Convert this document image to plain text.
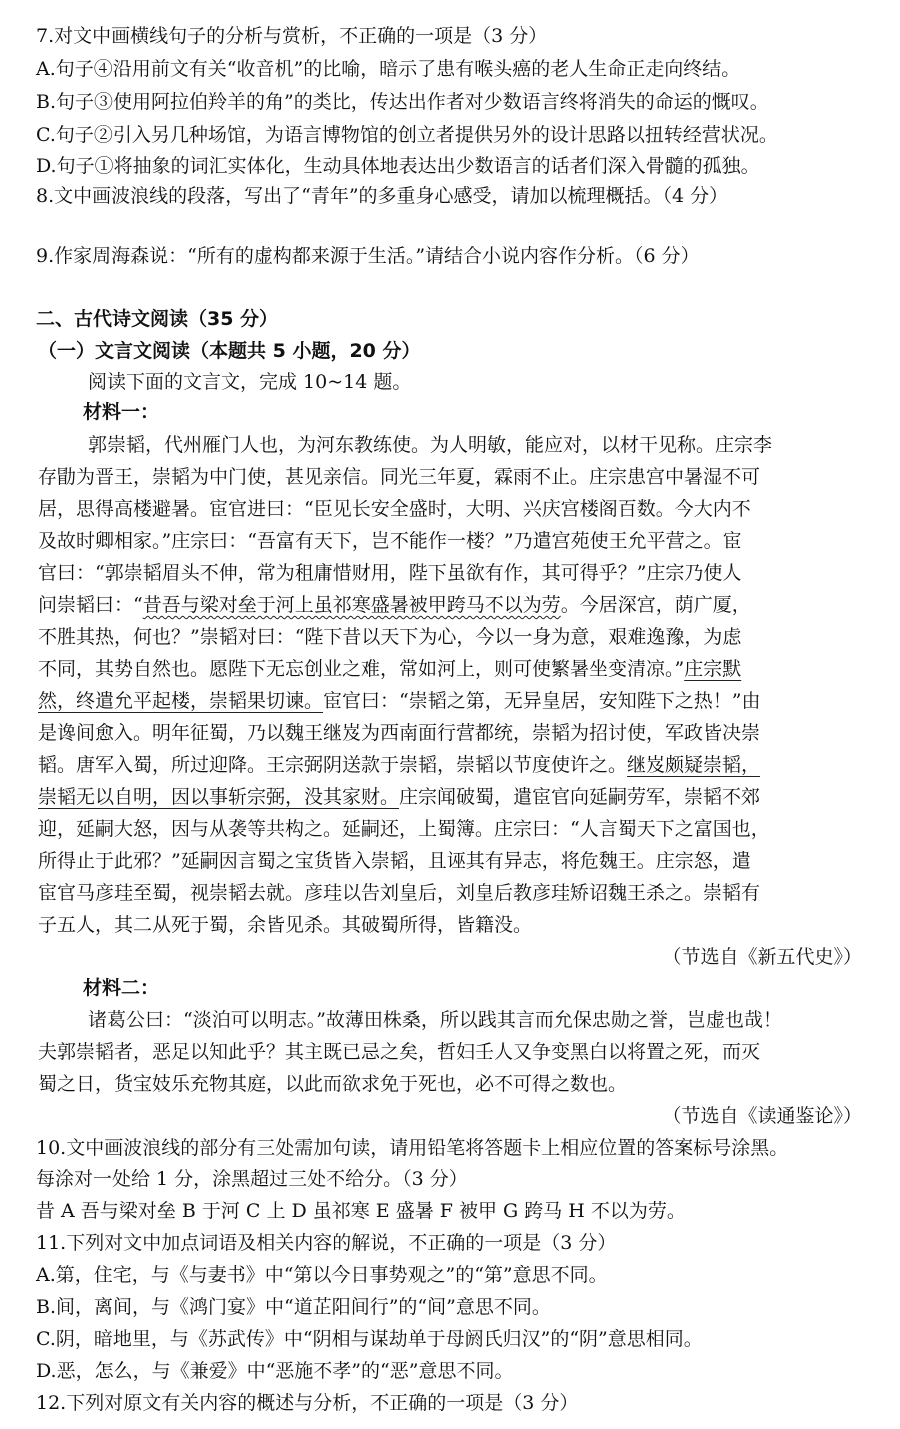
7.对文中画横线句子的分析与赏析，不正确的一项是（3 分）
A.句子④沿用前文有关“收音机”的比喻，暗示了患有喉头癌的老人生命正走向终结。
B.句子③使用阿拉伯羚羊的角”的类比，传达出作者对少数语言终将消失的命运的慨叹。
C.句子②引入另几种场馆，为语言博物馆的创立者提供另外的设计思路以扭转经营状况。
D.句子①将抽象的词汇实体化，生动具体地表达出少数语言的话者们深入骨髓的孤独。
8.文中画波浪线的段落，写出了“青年”的多重身心感受，请加以梳理概括。（4 分）
9.作家周海森说：“所有的虚构都来源于生活。”请结合小说内容作分析。（6 分）
二、古代诗文阅读（35 分）
（一）文言文阅读（本题共 5 小题，20 分）
阅读下面的文言文，完成 10~14 题。
材料一：
郭崇韬，代州雁门人也，为河东教练使。为人明敏，能应对，以材干见称。庄宗李
存勖为晋王，崇韬为中门使，甚见亲信。同光三年夏，霖雨不止。庄宗患宫中暑湿不可
居，思得高楼避暑。宦官进曰：“臣见长安全盛时，大明、兴庆宫楼阁百数。今大内不
及故时卿相家。”庄宗曰：“吾富有天下，岂不能作一楼？”乃遣宫苑使王允平营之。宦
官曰：“郭崇韬眉头不伸，常为租庸惜财用，陛下虽欲有作，其可得乎？”庄宗乃使人
问崇韬曰：“昔吾与梁对垒于河上虽祁寒盛暑被甲跨马不以为劳。今居深宫，荫广厦，
不胜其热，何也？”崇韬对曰：“陛下昔以天下为心，今以一身为意，艰难逸豫，为虑
不同，其势自然也。愿陛下无忘创业之难，常如河上，则可使繁暑坐变清凉。”庄宗默
然，终遣允平起楼，崇韬果切谏。宦官曰：“崇韬之第，无异皇居，安知陛下之热！”由
是谗间愈入。明年征蜀，乃以魏王继岌为西南面行营都统，崇韬为招讨使，军政皆决崇
韬。唐军入蜀，所过迎降。王宗弼阴送款于崇韬，崇韬以节度使许之。继岌颇疑崇韬，
崇韬无以自明，因以事斩宗弼，没其家财。庄宗闻破蜀，遣宦官向延嗣劳军，崇韬不郊
迎，延嗣大怒，因与从袭等共构之。延嗣还，上蜀簿。庄宗曰：“人言蜀天下之富国也，
所得止于此邪？”延嗣因言蜀之宝货皆入崇韬，且诬其有异志，将危魏王。庄宗怒，遣
宦官马彦珪至蜀，视崇韬去就。彦珪以告刘皇后，刘皇后教彦珪矫诏魏王杀之。崇韬有
子五人，其二从死于蜀，余皆见杀。其破蜀所得，皆籍没。
（节选自《新五代史》）
材料二：
诸葛公曰：“淡泊可以明志。”故薄田株桑，所以践其言而允保忠勋之誉，岂虚也哉！
夫郭崇韬者，恶足以知此乎？其主既已忌之矣，哲妇壬人又争变黑白以将置之死，而灭
蜀之日，货宝妓乐充物其庭，以此而欲求免于死也，必不可得之数也。
（节选自《读通鉴论》）
10.文中画波浪线的部分有三处需加句读，请用铅笔将答题卡上相应位置的答案标号涂黑。
每涂对一处给 1 分，涂黑超过三处不给分。（3 分）
昔 A 吾与梁对垒 B 于河 C 上 D 虽祁寒 E 盛暑 F 被甲 G 跨马 H 不以为劳。
11.下列对文中加点词语及相关内容的解说，不正确的一项是（3 分）
A.第，住宅，与《与妻书》中“第以今日事势观之”的“第”意思不同。
B.间，离间，与《鸿门宴》中“道芷阳间行”的“间”意思不同。
C.阴，暗地里，与《苏武传》中“阴相与谋劫单于母阏氏归汉”的“阴”意思相同。
D.恶，怎么，与《兼爱》中“恶施不孝”的“恶”意思不同。
12.下列对原文有关内容的概述与分析，不正确的一项是（3 分）
